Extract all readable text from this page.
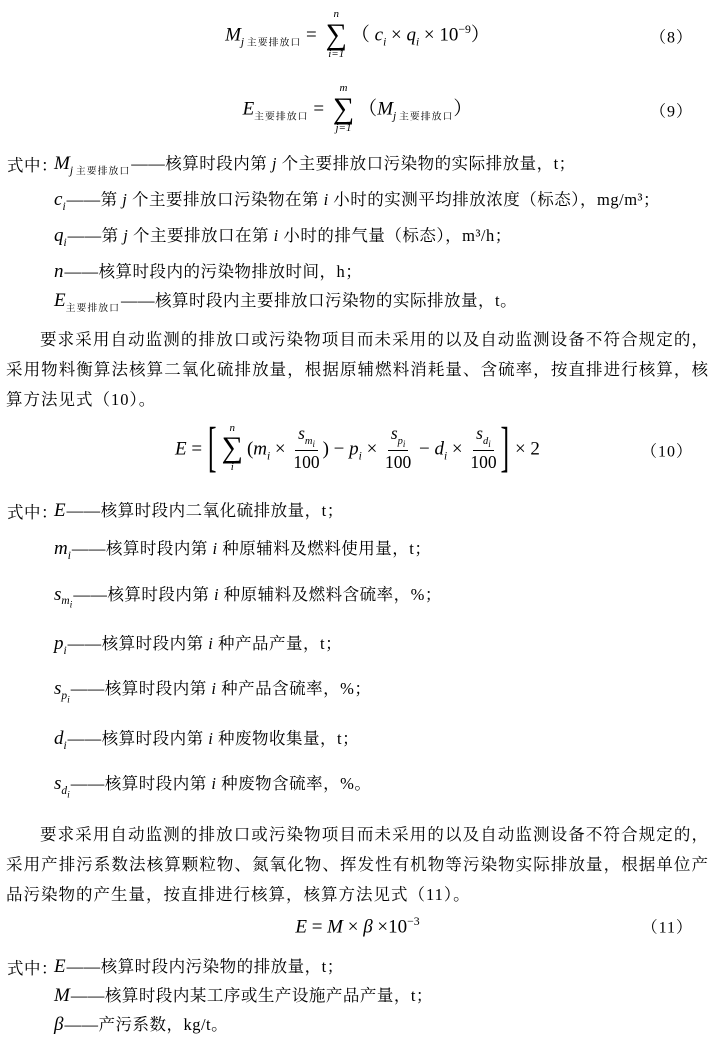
$M_j$ $_{主要排放口}$ =
n
∑
i=1
（ $c_i \times q_i \times 10^{-9}$）	（8）
$E_{主要排放口}$ =
m
∑
j=1
（$M_j$ $_{主要排放口}$）	（9）
式中：
$M_j$ $_{主要排放口}$——核算时段内第 j 个主要排放口污染物的实际排放量，t；
$c_i——$第 j 个主要排放口污染物在第 i 小时的实测平均排放浓度（标态），mg/m³；
$q_i——$第 j 个主要排放口在第 i 小时的排气量（标态），m³/h；
n——核算时段内的污染物排放时间，h；
$E_{主要排放口}——$核算时段内主要排放口污染物的实际排放量，t。

要求采用自动监测的排放口或污染物项目而未采用的以及自动监测设备不符合规定的，采用物料衡算法核算二氧化硫排放量，根据原辅燃料消耗量、含硫率，按直排进行核算，核算方法见式（10）。

E = [ n
∑
i
($m_i \times \frac{s_{m_i}}{100}$ ) − $p_i \times \frac{s_{p_i}}{100} - d_i \times \frac{s_{d_i}}{100}$ ] × 2	（10）
式中：
E——核算时段内二氧化硫排放量，t；
$m_i——$核算时段内第 i 种原辅料及燃料使用量，t；
$s_{m_i}——$核算时段内第 i 种原辅料及燃料含硫率，%；
$p_i——$核算时段内第 i 种产品产量，t；
$s_{p_i}——$核算时段内第 i 种产品含硫率，%；
$d_i——$核算时段内第 i 种废物收集量，t；
$s_{d_i}——$核算时段内第 i 种废物含硫率，%。

要求采用自动监测的排放口或污染物项目而未采用的以及自动监测设备不符合规定的，采用产排污系数法核算颗粒物、氮氧化物、挥发性有机物等污染物实际排放量，根据单位产品污染物的产生量，按直排进行核算，核算方法见式（11）。

$E = M \times \beta \times 10^{-3}$	（11）
式中：
E——核算时段内污染物的排放量，t；
M——核算时段内某工序或生产设施产品产量，t；
β——产污系数，kg/t。
